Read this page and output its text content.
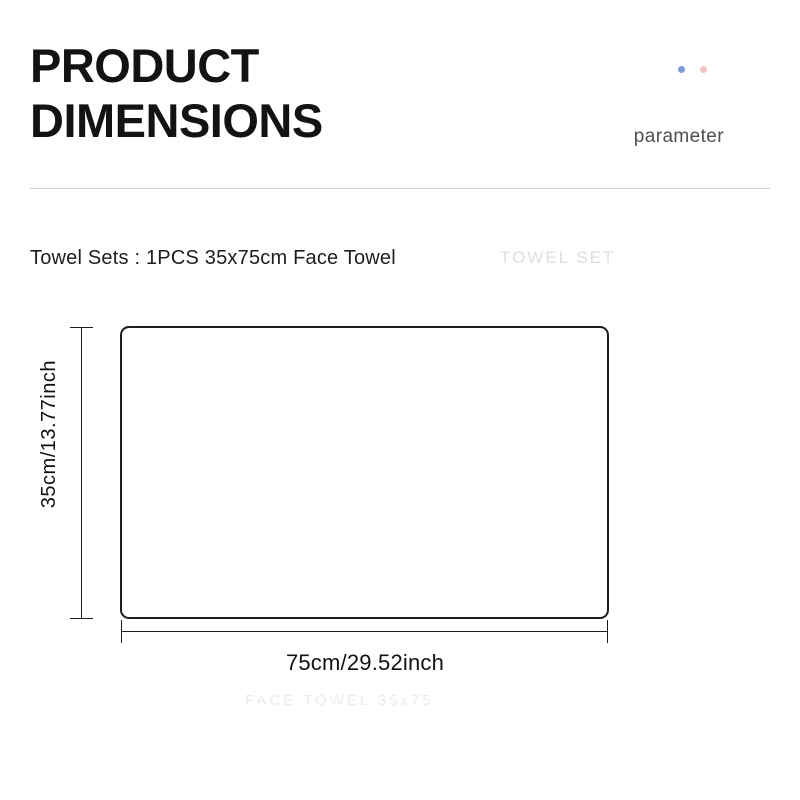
PRODUCT
DIMENSIONS	parameter
Towel Sets : 1PCS 35x75cm Face Towel	TOWEL SET
35cm/13.77inch
75cm/29.52inch
FACE TOWEL 35x75
